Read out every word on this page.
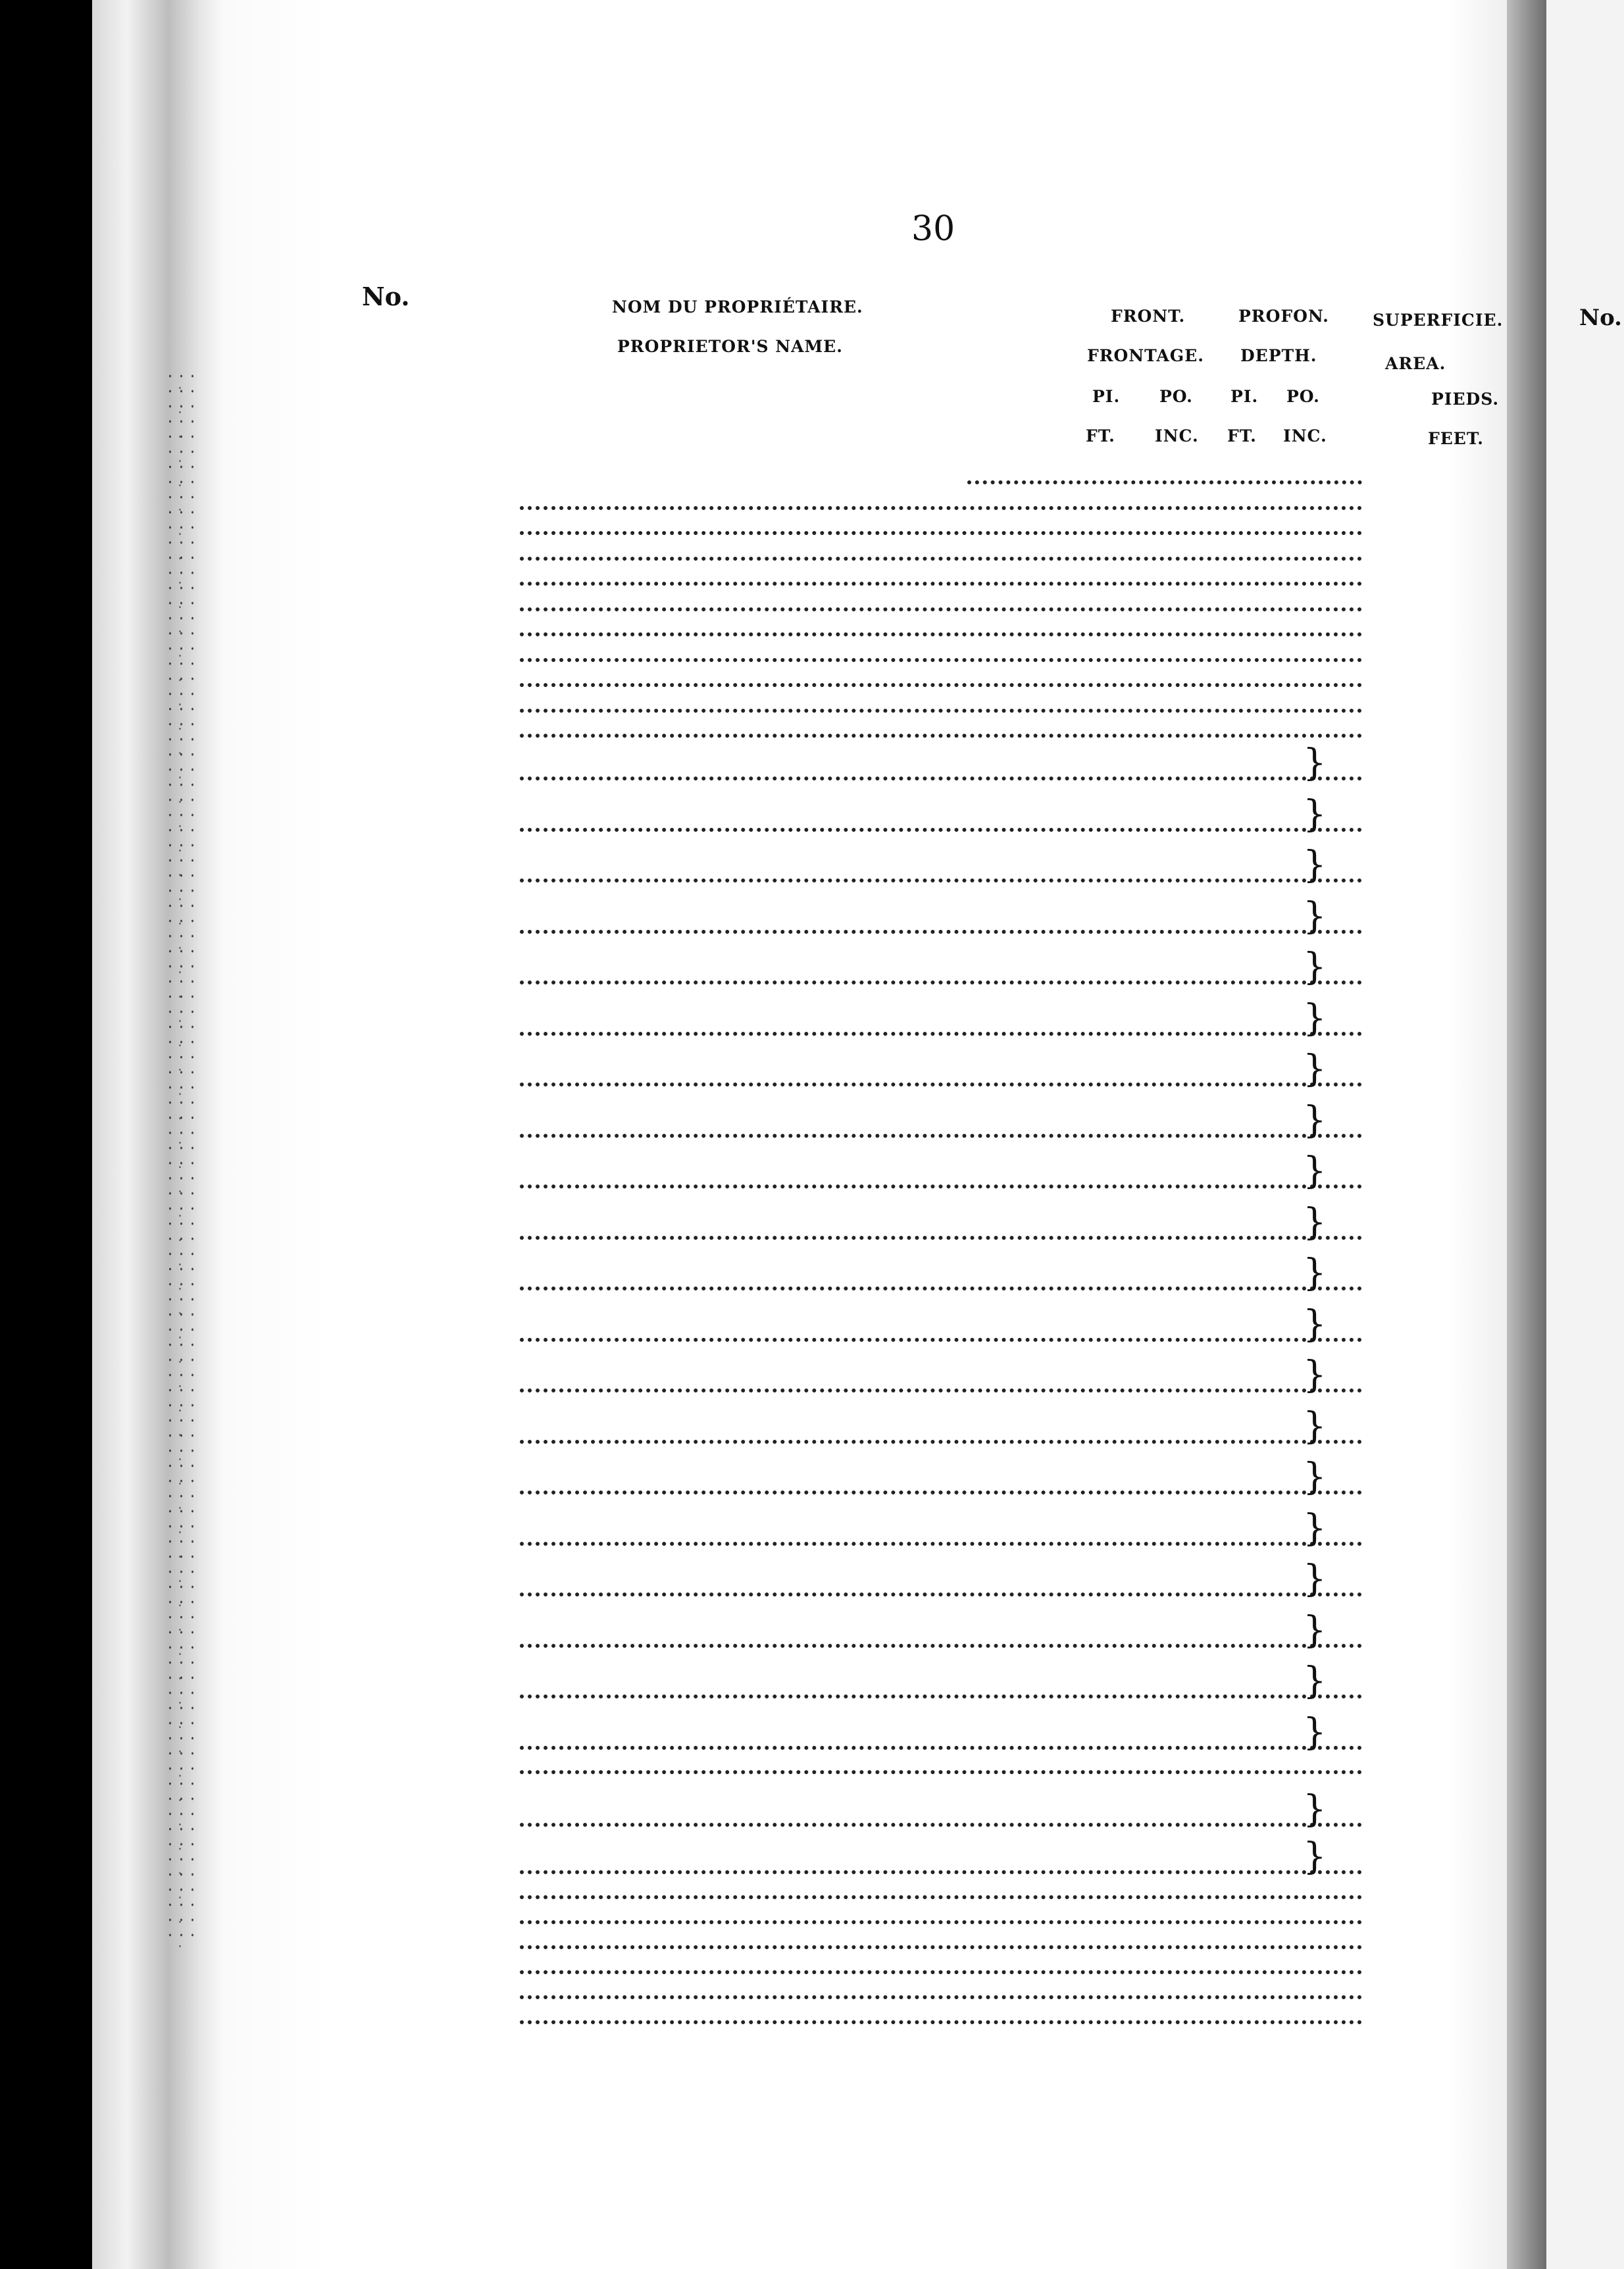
30
No.
No.
NOM DU PROPRIÉTAIRE.
PROPRIETOR'S NAME.
FRONT.
FRONTAGE.
PROFON.
DEPTH.
SUPERFICIE.
AREA.
PI. PO.
FT. INC.
PI. PO.
FT. INC.
PIEDS.
FEET.
}
}
}
}
}
}
}
}
}
}
}
}
}
}
}
}
}
}
}
}
}
}
